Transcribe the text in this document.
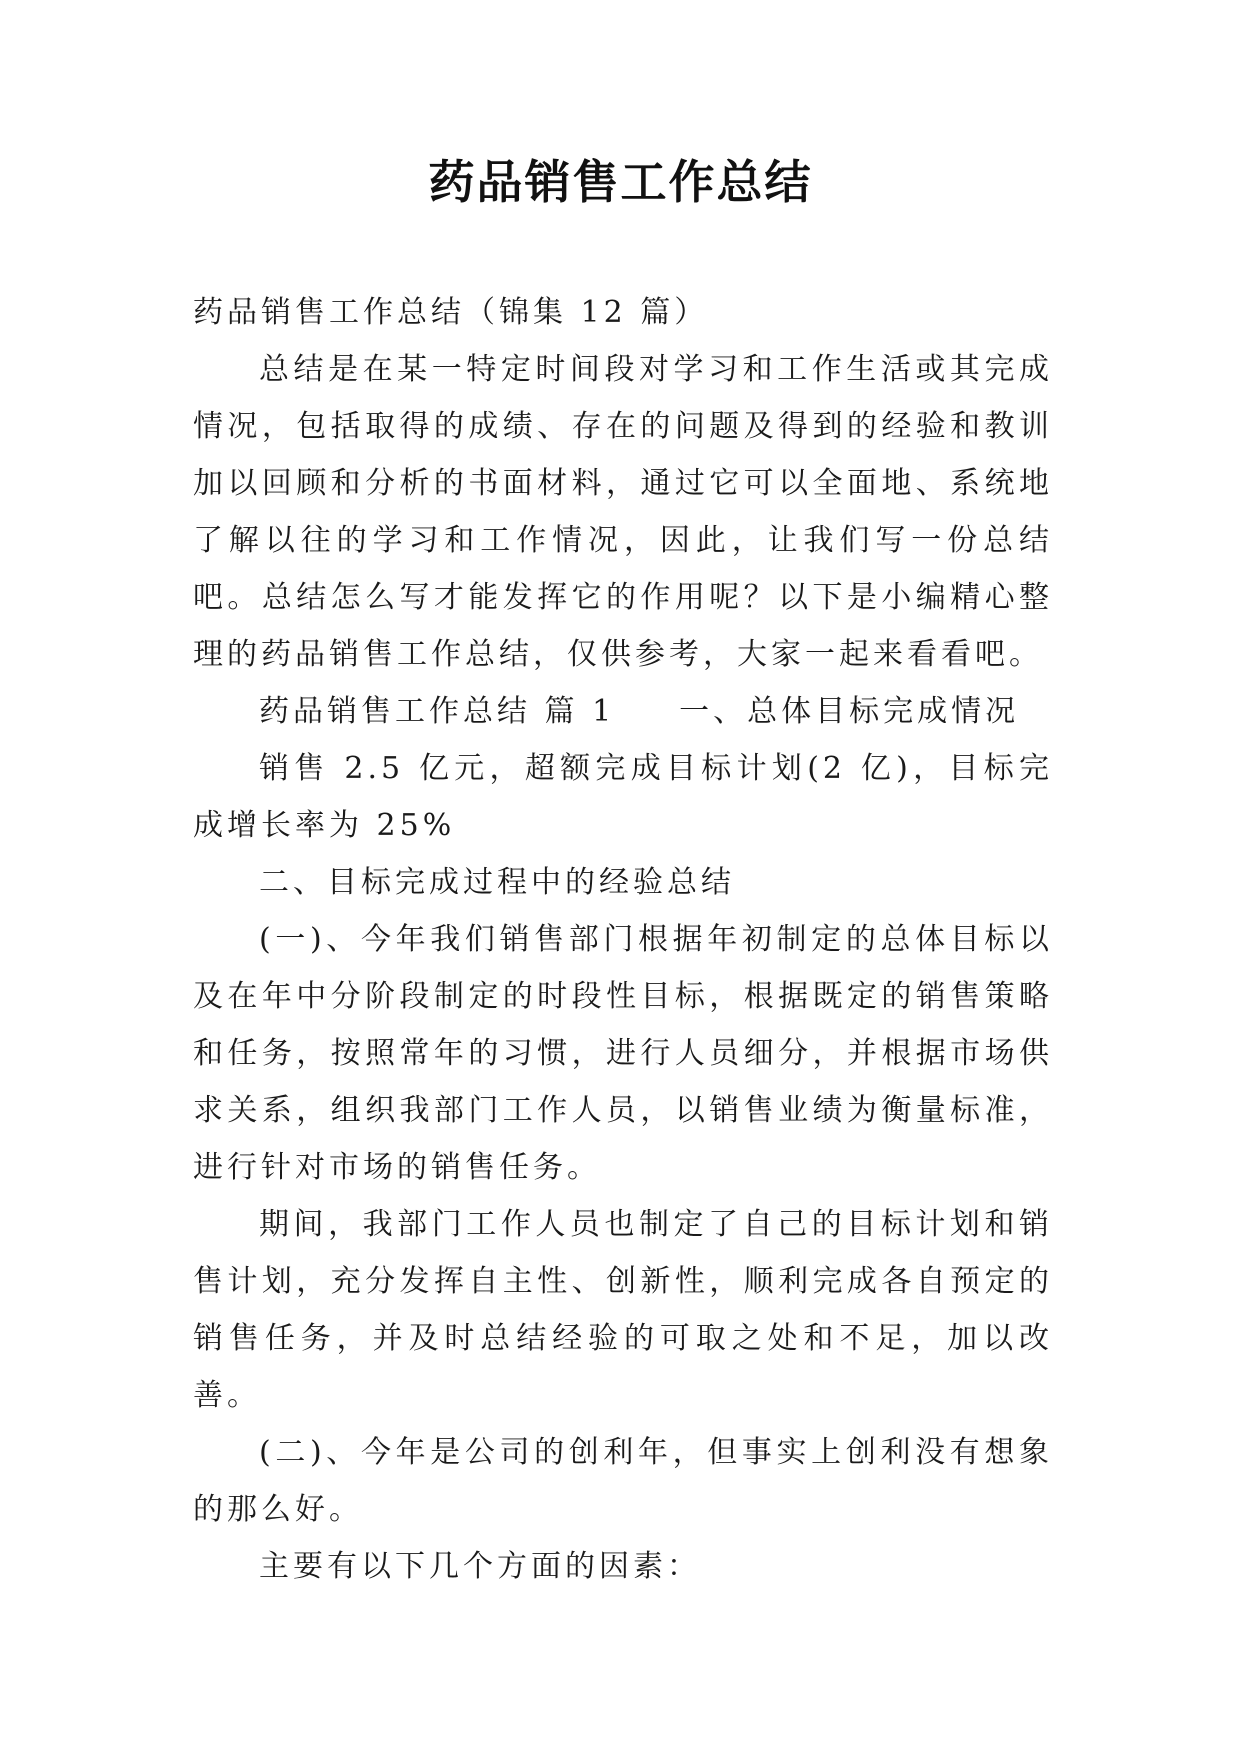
药品销售工作总结

药品销售工作总结（锦集 12 篇）

总结是在某一特定时间段对学习和工作生活或其完成情况，包括取得的成绩、存在的问题及得到的经验和教训加以回顾和分析的书面材料，通过它可以全面地、系统地了解以往的学习和工作情况，因此，让我们写一份总结吧。总结怎么写才能发挥它的作用呢？以下是小编精心整理的药品销售工作总结，仅供参考，大家一起来看看吧。

药品销售工作总结 篇 1 一、总体目标完成情况

销售 2.5 亿元，超额完成目标计划(2 亿)，目标完成增长率为 25%

二、目标完成过程中的经验总结

(一)、今年我们销售部门根据年初制定的总体目标以及在年中分阶段制定的时段性目标，根据既定的销售策略和任务，按照常年的习惯，进行人员细分，并根据市场供求关系，组织我部门工作人员，以销售业绩为衡量标准，进行针对市场的销售任务。

期间，我部门工作人员也制定了自己的目标计划和销售计划，充分发挥自主性、创新性，顺利完成各自预定的销售任务，并及时总结经验的可取之处和不足，加以改善。

(二)、今年是公司的创利年，但事实上创利没有想象的那么好。

主要有以下几个方面的因素：
